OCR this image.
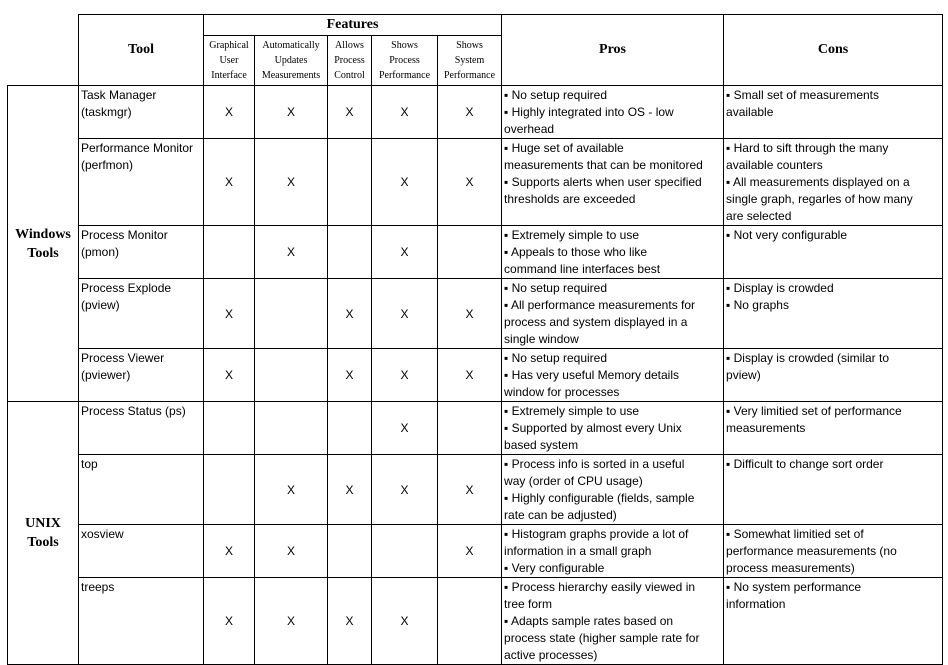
	Tool	Features					Pros	Cons

		Graphical
User
Interface	Automatically
Updates
Measurements	Allows
Process
Control	Shows
Process
Performance	Shows
System
Performance		

Windows
Tools	Task Manager
(taskmgr)	X	X	X	X	X	▪ No setup required
▪ Highly integrated into OS - low
overhead	▪ Small set of measurements
available

	Performance Monitor
(perfmon)	X	X		X	X	▪ Huge set of available
measurements that can be monitored
▪ Supports alerts when user specified
thresholds are exceeded	▪ Hard to sift through the many
available counters
▪ All measurements displayed on a
single graph, regarles of how many
are selected

	Process Monitor
(pmon)		X		X		▪ Extremely simple to use
▪ Appeals to those who like
command line interfaces best	▪ Not very configurable

	Process Explode
(pview)	X		X	X	X	▪ No setup required
▪ All performance measurements for
process and system displayed in a
single window	▪ Display is crowded
▪ No graphs

	Process Viewer
(pviewer)	X		X	X	X	▪ No setup required
▪ Has very useful Memory details
window for processes	▪ Display is crowded (similar to
pview)

UNIX
Tools	Process Status (ps)				X		▪ Extremely simple to use
▪ Supported by almost every Unix
based system	▪ Very limitied set of performance
measurements

	top		X	X	X	X	▪ Process info is sorted in a useful
way (order of CPU usage)
▪ Highly configurable (fields, sample
rate can be adjusted)	▪ Difficult to change sort order

	xosview	X	X			X	▪ Histogram graphs provide a lot of
information in a small graph
▪ Very configurable	▪ Somewhat limitied set of
performance measurements (no
process measurements)

	treeps	X	X	X	X		▪ Process hierarchy easily viewed in
tree form
▪ Adapts sample rates based on
process state (higher sample rate for
active processes)	▪ No system performance
information
